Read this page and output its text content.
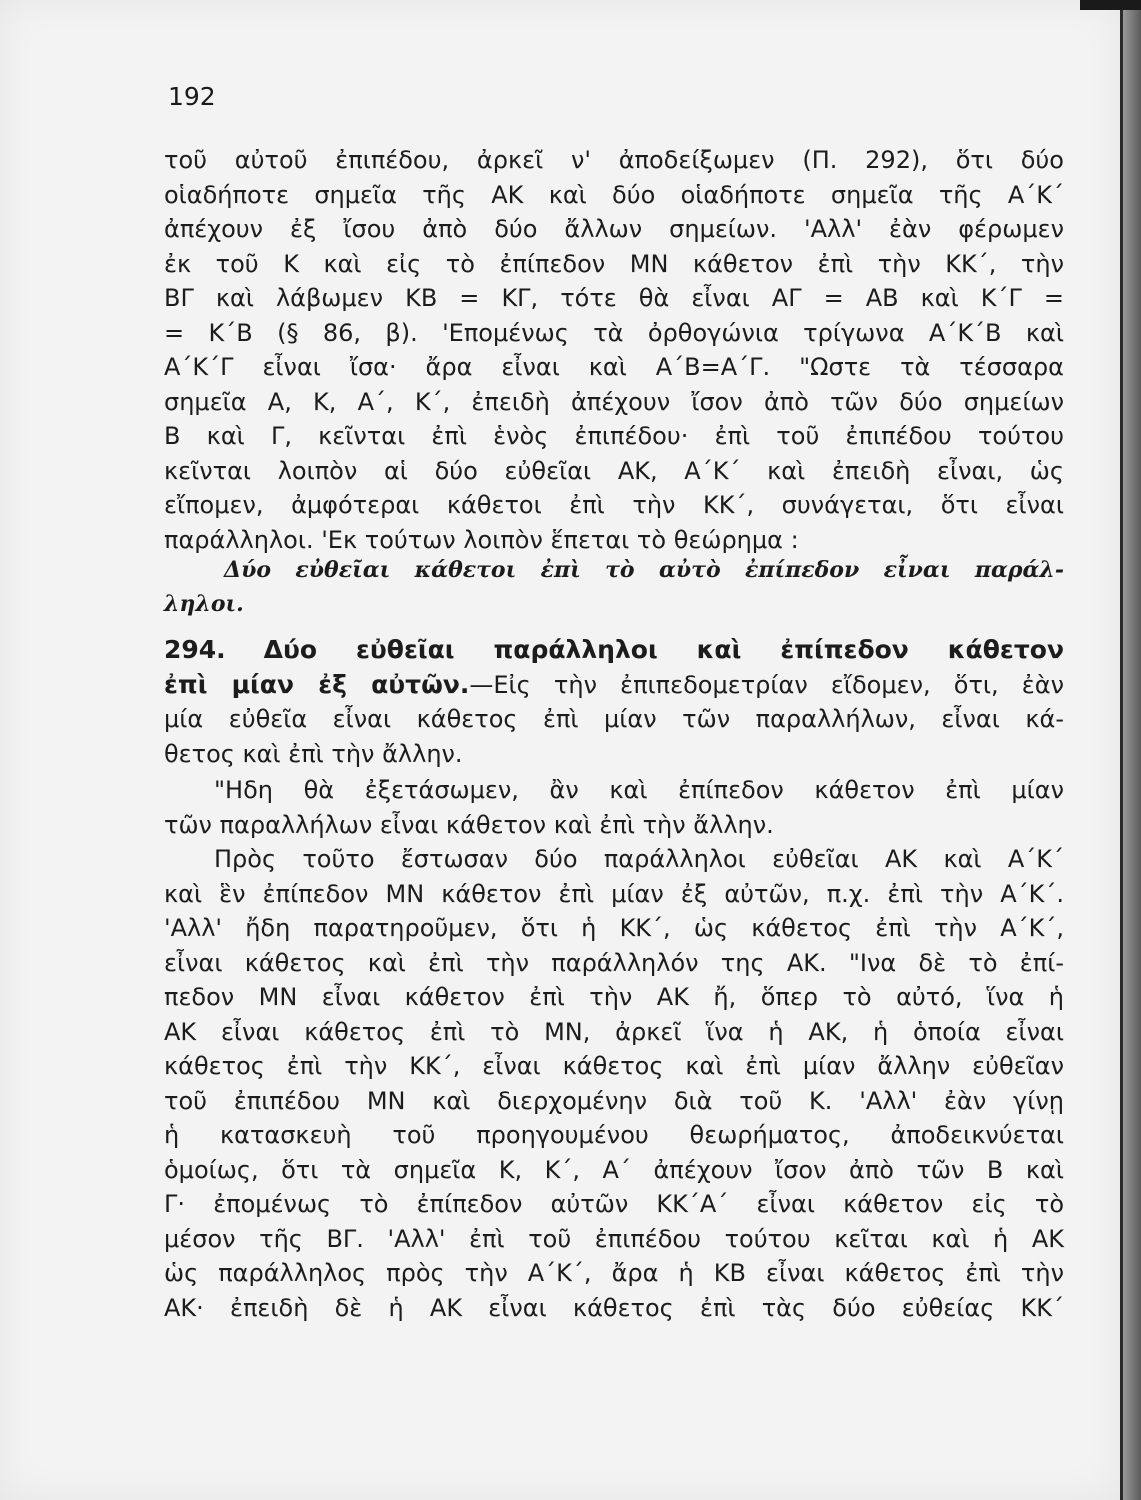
192
τοῦ αὐτοῦ ἐπιπέδου, ἀρκεῖ ν' ἀποδείξωμεν (Π. 292), ὅτι δύο
οἱαδήποτε σημεῖα τῆς ΑΚ καὶ δύο οἱαδήποτε σημεῖα τῆς Α΄Κ΄
ἀπέχουν ἐξ ἴσου ἀπὸ δύο ἄλλων σημείων. 'Αλλ' ἐὰν φέρωμεν
ἐκ τοῦ Κ καὶ εἰς τὸ ἐπίπεδον ΜΝ κάθετον ἐπὶ τὴν ΚΚ΄, τὴν
ΒΓ καὶ λάβωμεν ΚΒ = ΚΓ, τότε θὰ εἶναι ΑΓ = ΑΒ καὶ Κ΄Γ =
= Κ΄Β (§ 86, β). 'Επομένως τὰ ὀρθογώνια τρίγωνα Α΄Κ΄Β καὶ
Α΄Κ΄Γ εἶναι ἴσα· ἄρα εἶναι καὶ Α΄Β=Α΄Γ. "Ωστε τὰ τέσσαρα
σημεῖα Α, Κ, Α΄, Κ΄, ἐπειδὴ ἀπέχουν ἴσον ἀπὸ τῶν δύο σημείων
Β καὶ Γ, κεῖνται ἐπὶ ἑνὸς ἐπιπέδου· ἐπὶ τοῦ ἐπιπέδου τούτου
κεῖνται λοιπὸν αἱ δύο εὐθεῖαι ΑΚ, Α΄Κ΄ καὶ ἐπειδὴ εἶναι, ὡς
εἴπομεν, ἀμφότεραι κάθετοι ἐπὶ τὴν ΚΚ΄, συνάγεται, ὅτι εἶναι
παράλληλοι. 'Εκ τούτων λοιπὸν ἕπεται τὸ θεώρημα :
Δύο εὐθεῖαι κάθετοι ἐπὶ τὸ αὐτὸ ἐπίπεδον εἶναι παράλ-
ληλοι.
294. Δύο εὐθεῖαι παράλληλοι καὶ ἐπίπεδον κάθετον
ἐπὶ μίαν ἐξ αὐτῶν.—Εἰς τὴν ἐπιπεδομετρίαν εἴδομεν, ὅτι, ἐὰν
μία εὐθεῖα εἶναι κάθετος ἐπὶ μίαν τῶν παραλλήλων, εἶναι κά-
θετος καὶ ἐπὶ τὴν ἄλλην.
"Ηδη θὰ ἐξετάσωμεν, ἂν καὶ ἐπίπεδον κάθετον ἐπὶ μίαν
τῶν παραλλήλων εἶναι κάθετον καὶ ἐπὶ τὴν ἄλλην.
Πρὸς τοῦτο ἔστωσαν δύο παράλληλοι εὐθεῖαι ΑΚ καὶ Α΄Κ΄
καὶ ἓν ἐπίπεδον ΜΝ κάθετον ἐπὶ μίαν ἐξ αὐτῶν, π.χ. ἐπὶ τὴν Α΄Κ΄.
'Αλλ' ἤδη παρατηροῦμεν, ὅτι ἡ ΚΚ΄, ὡς κάθετος ἐπὶ τὴν Α΄Κ΄,
εἶναι κάθετος καὶ ἐπὶ τὴν παράλληλόν της ΑΚ. "Ινα δὲ τὸ ἐπί-
πεδον ΜΝ εἶναι κάθετον ἐπὶ τὴν ΑΚ ἤ, ὅπερ τὸ αὐτό, ἵνα ἡ
ΑΚ εἶναι κάθετος ἐπὶ τὸ ΜΝ, ἀρκεῖ ἵνα ἡ ΑΚ, ἡ ὁποία εἶναι
κάθετος ἐπὶ τὴν ΚΚ΄, εἶναι κάθετος καὶ ἐπὶ μίαν ἄλλην εὐθεῖαν
τοῦ ἐπιπέδου ΜΝ καὶ διερχομένην διὰ τοῦ Κ. 'Αλλ' ἐὰν γίνῃ
ἡ κατασκευὴ τοῦ προηγουμένου θεωρήματος, ἀποδεικνύεται
ὁμοίως, ὅτι τὰ σημεῖα Κ, Κ΄, Α΄ ἀπέχουν ἴσον ἀπὸ τῶν Β καὶ
Γ· ἐπομένως τὸ ἐπίπεδον αὐτῶν ΚΚ΄Α΄ εἶναι κάθετον εἰς τὸ
μέσον τῆς ΒΓ. 'Αλλ' ἐπὶ τοῦ ἐπιπέδου τούτου κεῖται καὶ ἡ ΑΚ
ὡς παράλληλος πρὸς τὴν Α΄Κ΄, ἄρα ἡ ΚΒ εἶναι κάθετος ἐπὶ τὴν
ΑΚ· ἐπειδὴ δὲ ἡ ΑΚ εἶναι κάθετος ἐπὶ τὰς δύο εὐθείας ΚΚ΄
